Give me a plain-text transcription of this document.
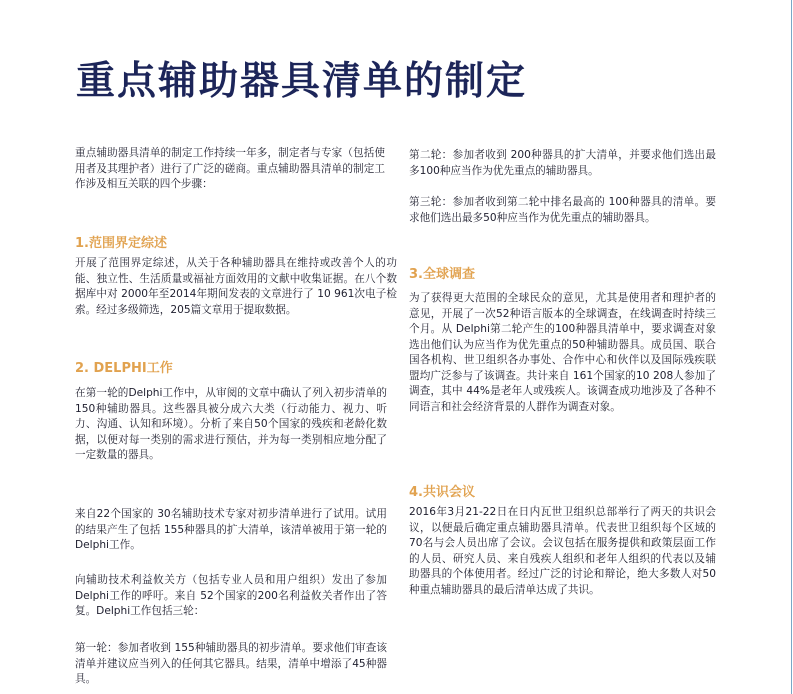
重点辅助器具清单的制定

重点辅助器具清单的制定工作持续一年多，制定者与专家（包括使用者及其理护者）进行了广泛的磋商。重点辅助器具清单的制定工作涉及相互关联的四个步骤：

1.范围界定综述

开展了范围界定综述，从关于各种辅助器具在维持或改善个人的功能、独立性、生活质量或福祉方面效用的文献中收集证据。在八个数据库中对 2000年至2014年期间发表的文章进行了 10 961次电子检索。经过多级筛选，205篇文章用于提取数据。

2. DELPHI工作

在第一轮的Delphi工作中，从审阅的文章中确认了列入初步清单的 150种辅助器具。这些器具被分成六大类（行动能力、视力、听力、沟通、认知和环境）。分析了来自50个国家的残疾和老龄化数据，以便对每一类别的需求进行预估，并为每一类别相应地分配了一定数量的器具。

来自22个国家的 30名辅助技术专家对初步清单进行了试用。试用的结果产生了包括 155种器具的扩大清单，该清单被用于第一轮的Delphi工作。

向辅助技术利益攸关方（包括专业人员和用户组织）发出了参加Delphi工作的呼吁。来自 52个国家的200名利益攸关者作出了答复。Delphi工作包括三轮：

第一轮：参加者收到 155种辅助器具的初步清单。要求他们审查该清单并建议应当列入的任何其它器具。结果，清单中增添了45种器具。

第二轮：参加者收到 200种器具的扩大清单，并要求他们选出最多100种应当作为优先重点的辅助器具。

第三轮：参加者收到第二轮中排名最高的 100种器具的清单。要求他们选出最多50种应当作为优先重点的辅助器具。

3.全球调查

为了获得更大范围的全球民众的意见，尤其是使用者和理护者的意见，开展了一次52种语言版本的全球调查，在线调查时持续三个月。从 Delphi第二轮产生的100种器具清单中，要求调查对象选出他们认为应当作为优先重点的50种辅助器具。成员国、联合国各机构、世卫组织各办事处、合作中心和伙伴以及国际残疾联盟均广泛参与了该调查。共计来自 161个国家的10 208人参加了调查，其中 44%是老年人或残疾人。该调查成功地涉及了各种不同语言和社会经济背景的人群作为调查对象。

4.共识会议

2016年3月21-22日在日内瓦世卫组织总部举行了两天的共识会议，以便最后确定重点辅助器具清单。代表世卫组织每个区域的70名与会人员出席了会议。会议包括在服务提供和政策层面工作的人员、研究人员、来自残疾人组织和老年人组织的代表以及辅助器具的个体使用者。经过广泛的讨论和辩论，绝大多数人对50种重点辅助器具的最后清单达成了共识。
